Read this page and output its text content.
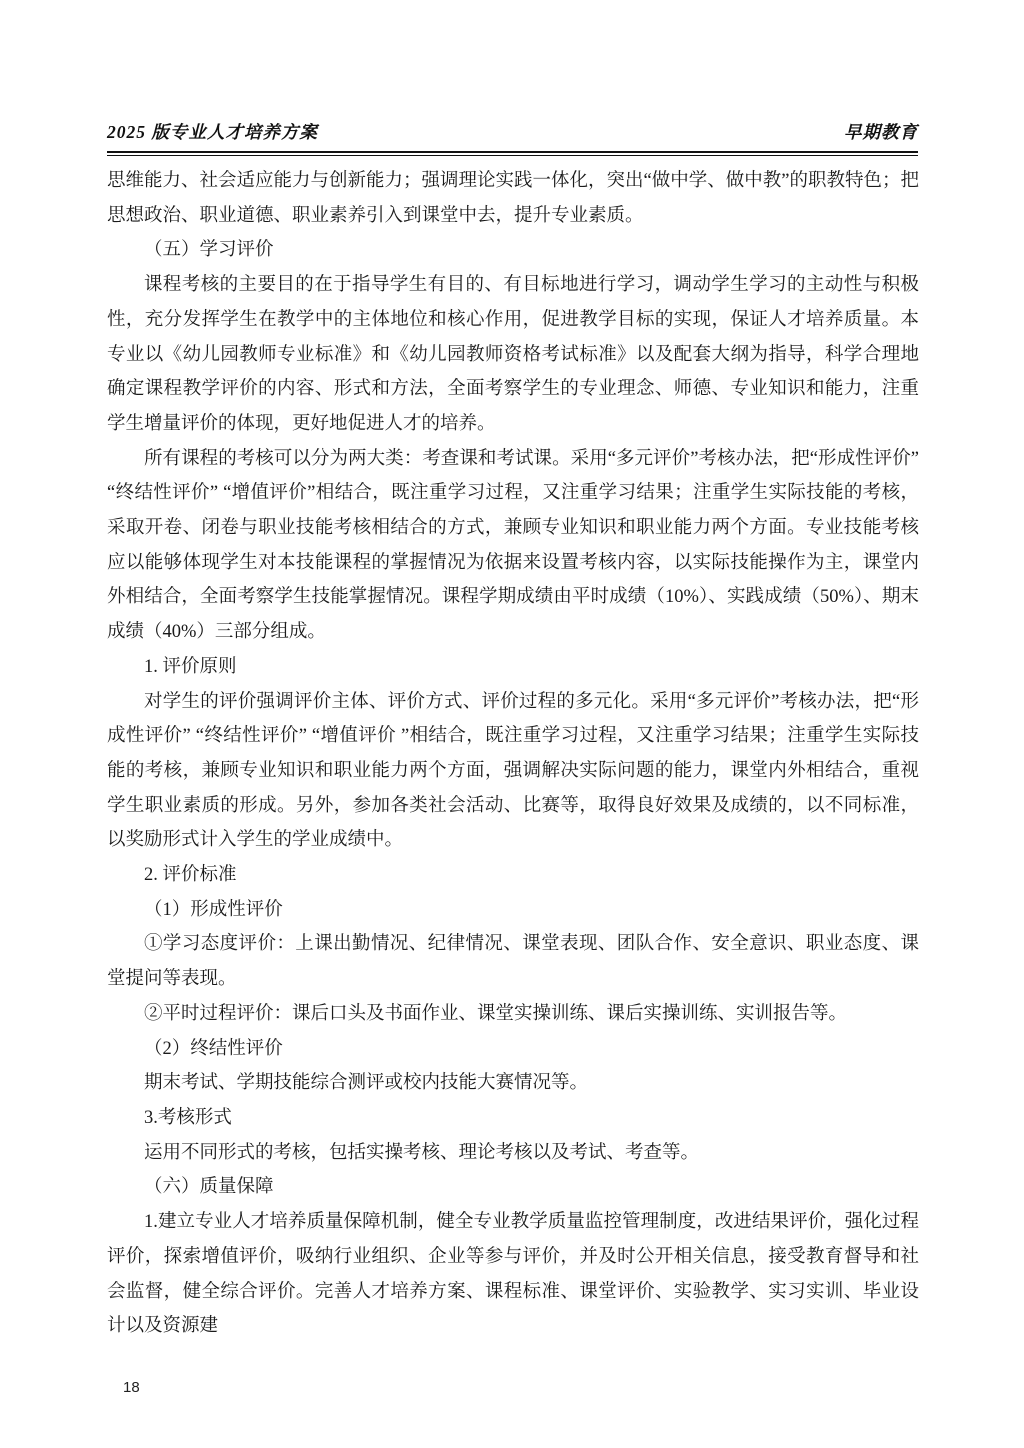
2025 版专业人才培养方案	早期教育

思维能力、社会适应能力与创新能力；强调理论实践一体化，突出“做中学、做中教”的职教特色；把思想政治、职业道德、职业素养引入到课堂中去，提升专业素质。

（五）学习评价

课程考核的主要目的在于指导学生有目的、有目标地进行学习，调动学生学习的主动性与积极性，充分发挥学生在教学中的主体地位和核心作用，促进教学目标的实现，保证人才培养质量。本专业以《幼儿园教师专业标准》和《幼儿园教师资格考试标准》以及配套大纲为指导，科学合理地确定课程教学评价的内容、形式和方法，全面考察学生的专业理念、师德、专业知识和能力，注重学生增量评价的体现，更好地促进人才的培养。

所有课程的考核可以分为两大类：考查课和考试课。采用“多元评价”考核办法，把“形成性评价” “终结性评价” “增值评价”相结合，既注重学习过程，又注重学习结果；注重学生实际技能的考核，采取开卷、闭卷与职业技能考核相结合的方式，兼顾专业知识和职业能力两个方面。专业技能考核应以能够体现学生对本技能课程的掌握情况为依据来设置考核内容，以实际技能操作为主，课堂内外相结合，全面考察学生技能掌握情况。课程学期成绩由平时成绩（10%）、实践成绩（50%）、期末成绩（40%）三部分组成。

1. 评价原则

对学生的评价强调评价主体、评价方式、评价过程的多元化。采用“多元评价”考核办法，把“形成性评价” “终结性评价” “增值评价 ”相结合，既注重学习过程，又注重学习结果；注重学生实际技能的考核，兼顾专业知识和职业能力两个方面，强调解决实际问题的能力，课堂内外相结合，重视学生职业素质的形成。另外，参加各类社会活动、比赛等，取得良好效果及成绩的，以不同标准，以奖励形式计入学生的学业成绩中。

2. 评价标准

（1）形成性评价

①学习态度评价：上课出勤情况、纪律情况、课堂表现、团队合作、安全意识、职业态度、课堂提问等表现。

②平时过程评价：课后口头及书面作业、课堂实操训练、课后实操训练、实训报告等。

（2）终结性评价

期末考试、学期技能综合测评或校内技能大赛情况等。

3.考核形式

运用不同形式的考核，包括实操考核、理论考核以及考试、考查等。

（六）质量保障

1.建立专业人才培养质量保障机制，健全专业教学质量监控管理制度，改进结果评价，强化过程评价，探索增值评价，吸纳行业组织、企业等参与评价，并及时公开相关信息，接受教育督导和社会监督，健全综合评价。完善人才培养方案、课程标准、课堂评价、实验教学、实习实训、毕业设计以及资源建

18
